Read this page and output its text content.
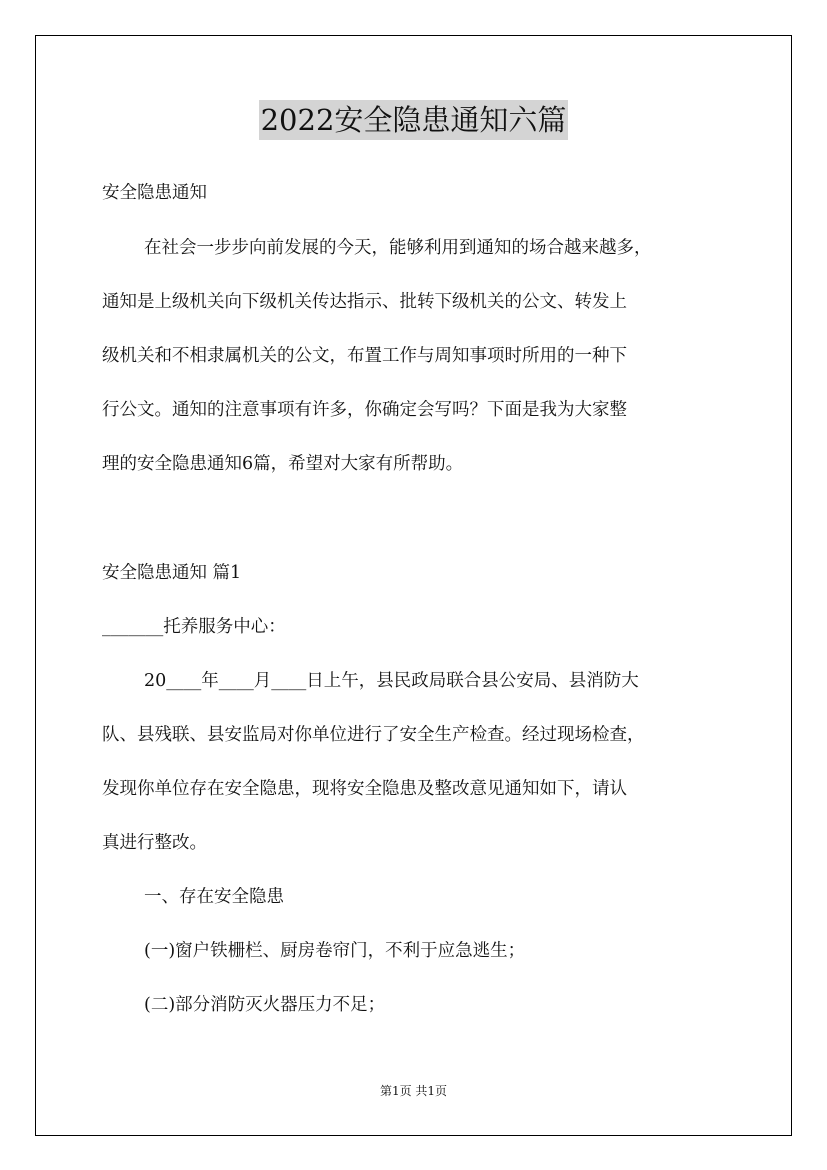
2022安全隐患通知六篇
安全隐患通知
在社会一步步向前发展的今天，能够利用到通知的场合越来越多，
通知是上级机关向下级机关传达指示、批转下级机关的公文、转发上
级机关和不相隶属机关的公文，布置工作与周知事项时所用的一种下
行公文。通知的注意事项有许多，你确定会写吗？下面是我为大家整
理的安全隐患通知6篇，希望对大家有所帮助。
安全隐患通知 篇1
_______托养服务中心：
20____年____月____日上午，县民政局联合县公安局、县消防大
队、县残联、县安监局对你单位进行了安全生产检查。经过现场检查，
发现你单位存在安全隐患，现将安全隐患及整改意见通知如下，请认
真进行整改。
一、存在安全隐患
(一)窗户铁栅栏、厨房卷帘门，不利于应急逃生；
(二)部分消防灭火器压力不足；
第1页 共1页
